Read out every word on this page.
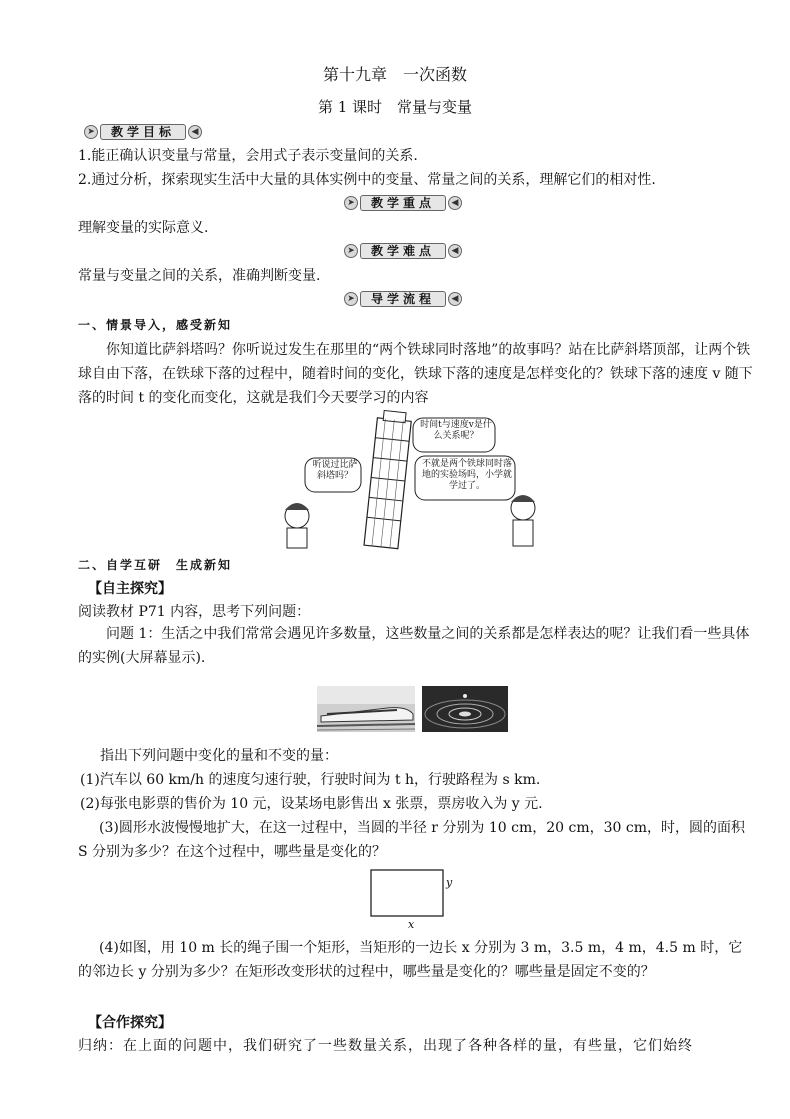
第十九章　一次函数
第 1 课时　常量与变量
➤	教学目标	◀
1.能正确认识变量与常量，会用式子表示变量间的关系.
2.通过分析，探索现实生活中大量的具体实例中的变量、常量之间的关系，理解它们的相对性.
➤	教学重点	◀
理解变量的实际意义.
➤	教学难点	◀
常量与变量之间的关系，准确判断变量.
➤	导学流程	◀
一、情景导入，感受新知
你知道比萨斜塔吗？你听说过发生在那里的“两个铁球同时落地”的故事吗？站在比萨斜塔顶部，让两个铁球自由下落，在铁球下落的过程中，随着时间的变化，铁球下落的速度是怎样变化的？铁球下落的速度 v 随下落的时间 t 的变化而变化，这就是我们今天要学习的内容
听说过比萨斜塔吗？
时间t与速度v是什么关系呢？
不就是两个铁球同时落地的实验场吗，小学就学过了。
二、自学互研　生成新知
【自主探究】
阅读教材 P71 内容，思考下列问题：
问题 1：生活之中我们常常会遇见许多数量，这些数量之间的关系都是怎样表达的呢？让我们看一些具体的实例(大屏幕显示).
指出下列问题中变化的量和不变的量：
(1)汽车以 60 km/h 的速度匀速行驶，行驶时间为 t h，行驶路程为 s km.
(2)每张电影票的售价为 10 元，设某场电影售出 x 张票，票房收入为 y 元.
(3)圆形水波慢慢地扩大，在这一过程中，当圆的半径 r 分别为 10 cm，20 cm，30 cm，时，圆的面积 S 分别为多少？在这个过程中，哪些量是变化的？
y
x
(4)如图，用 10 m 长的绳子围一个矩形，当矩形的一边长 x 分别为 3 m，3.5 m，4 m，4.5 m 时，它的邻边长 y 分别为多少？在矩形改变形状的过程中，哪些量是变化的？哪些量是固定不变的？
【合作探究】
归纳：在上面的问题中，我们研究了一些数量关系，出现了各种各样的量，有些量，它们始终
